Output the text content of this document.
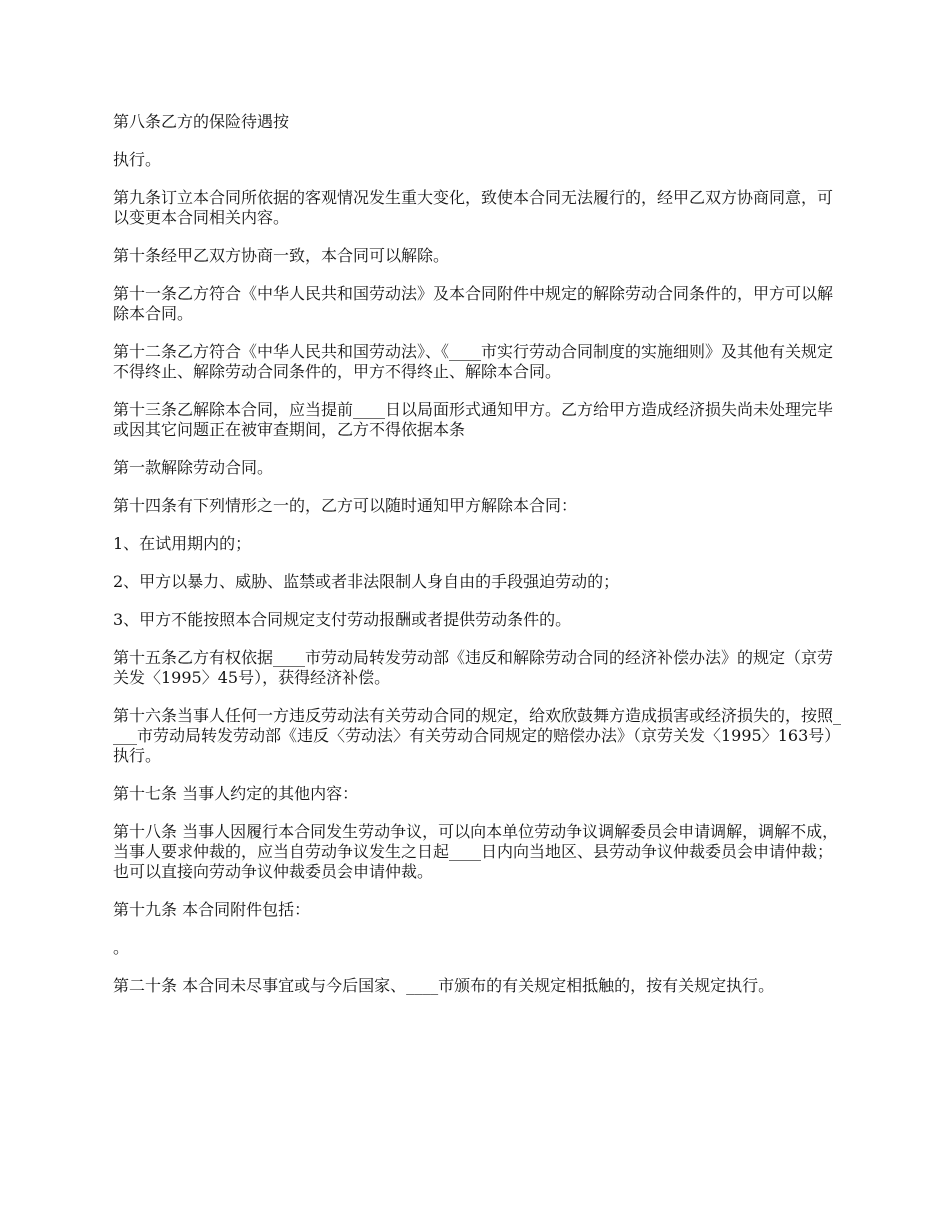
第八条乙方的保险待遇按

执行。

第九条订立本合同所依据的客观情况发生重大变化，致使本合同无法履行的，经甲乙双方协商同意，可以变更本合同相关内容。

第十条经甲乙双方协商一致，本合同可以解除。

第十一条乙方符合《中华人民共和国劳动法》及本合同附件中规定的解除劳动合同条件的，甲方可以解除本合同。

第十二条乙方符合《中华人民共和国劳动法》、《____市实行劳动合同制度的实施细则》及其他有关规定不得终止、解除劳动合同条件的，甲方不得终止、解除本合同。

第十三条乙解除本合同，应当提前____日以局面形式通知甲方。乙方给甲方造成经济损失尚未处理完毕或因其它问题正在被审查期间，乙方不得依据本条

第一款解除劳动合同。

第十四条有下列情形之一的，乙方可以随时通知甲方解除本合同：

1、在试用期内的；

2、甲方以暴力、威胁、监禁或者非法限制人身自由的手段强迫劳动的；

3、甲方不能按照本合同规定支付劳动报酬或者提供劳动条件的。

第十五条乙方有权依据____市劳动局转发劳动部《违反和解除劳动合同的经济补偿办法》的规定（京劳关发〈1995〉45号），获得经济补偿。

第十六条当事人任何一方违反劳动法有关劳动合同的规定，给欢欣鼓舞方造成损害或经济损失的，按照____市劳动局转发劳动部《违反〈劳动法〉有关劳动合同规定的赔偿办法》（京劳关发〈1995〉163号）执行。

第十七条 当事人约定的其他内容：

第十八条 当事人因履行本合同发生劳动争议，可以向本单位劳动争议调解委员会申请调解，调解不成，当事人要求仲裁的，应当自劳动争议发生之日起____日内向当地区、县劳动争议仲裁委员会申请仲裁；也可以直接向劳动争议仲裁委员会申请仲裁。

第十九条 本合同附件包括：

。

第二十条 本合同未尽事宜或与今后国家、____市颁布的有关规定相抵触的，按有关规定执行。
